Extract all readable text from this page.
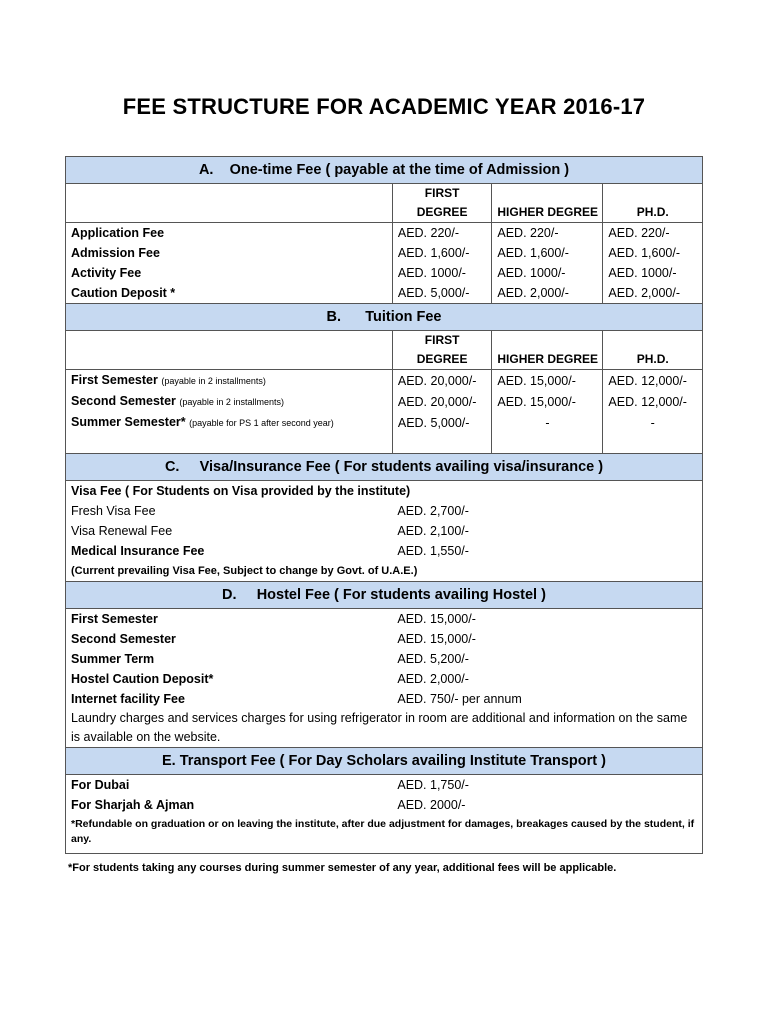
FEE STRUCTURE FOR ACADEMIC YEAR 2016-17
A. One-time Fee ( payable at the time of Admission )			

	FIRST
DEGREE	HIGHER DEGREE	PH.D.
Application Fee	AED. 220/-	AED. 220/-	AED. 220/-
Admission Fee	AED. 1,600/-	AED. 1,600/-	AED. 1,600/-
Activity Fee	AED. 1000/-	AED. 1000/-	AED. 1000/-
Caution Deposit *	AED. 5,000/-	AED. 2,000/-	AED. 2,000/-
B. Tuition Fee			

	FIRST
DEGREE	HIGHER DEGREE	PH.D.
First Semester (payable in 2 installments)	AED. 20,000/-	AED. 15,000/-	AED. 12,000/-
Second Semester (payable in 2 installments)	AED. 20,000/-	AED. 15,000/-	AED. 12,000/-
Summer Semester* (payable for PS 1 after second year)	AED. 5,000/-	-	-

C. Visa/Insurance Fee ( For students availing visa/insurance )			
Visa Fee ( For Students on Visa provided by the institute)			
Fresh Visa Fee	AED. 2,700/-		
Visa Renewal Fee	AED. 2,100/-		
Medical Insurance Fee	AED. 1,550/-		
(Current prevailing Visa Fee, Subject to change by Govt. of U.A.E.)			
D. Hostel Fee ( For students availing Hostel )			
First Semester	AED. 15,000/-		
Second Semester	AED. 15,000/-		
Summer Term	AED. 5,200/-		
Hostel Caution Deposit*	AED. 2,000/-		
Internet facility Fee	AED. 750/- per annum		
Laundry charges and services charges for using refrigerator in room are additional and information on the same is available on the website.			
E. Transport Fee ( For Day Scholars availing Institute Transport )			
For Dubai	AED. 1,750/-		
For Sharjah & Ajman	AED. 2000/-		
*Refundable on graduation or on leaving the institute, after due adjustment for damages, breakages caused by the student, if any.			
*For students taking any courses during summer semester of any year, additional fees will be applicable.
